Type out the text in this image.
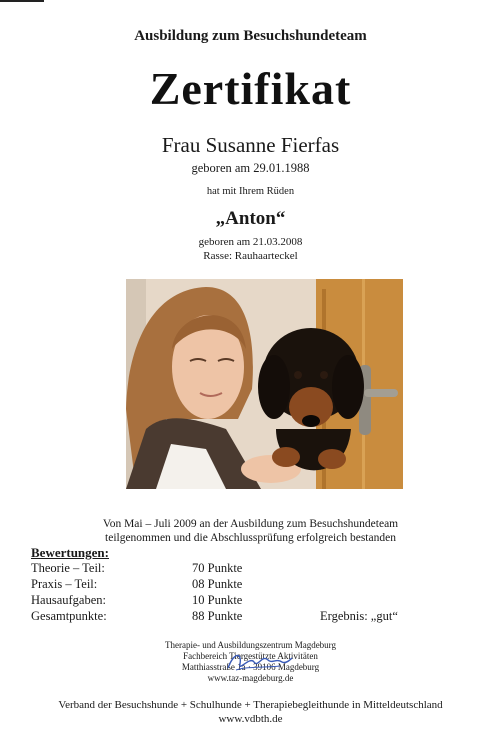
Ausbildung zum Besuchshundeteam
Zertifikat
Frau Susanne Fierfas
geboren am 29.01.1988
hat mit Ihrem Rüden
„Anton“
geboren am 21.03.2008
Rasse: Rauhaarteckel
Von Mai – Juli 2009 an der Ausbildung zum Besuchshundeteam
teilgenommen und die Abschlussprüfung erfolgreich bestanden
Bewertungen:
Theorie – Teil:	70 Punkte
Praxis – Teil:	08 Punkte
Hausaufgaben:	10 Punkte
Gesamtpunkte:	88 Punkte	Ergebnis: „gut“
Therapie- und Ausbildungszentrum Magdeburg
Fachbereich Tiergestützte Aktivitäten
Matthiasstraße 1a · 39106 Magdeburg
www.taz-magdeburg.de
Verband der Besuchshunde + Schulhunde + Therapiebegleithunde in Mitteldeutschland
www.vdbth.de
